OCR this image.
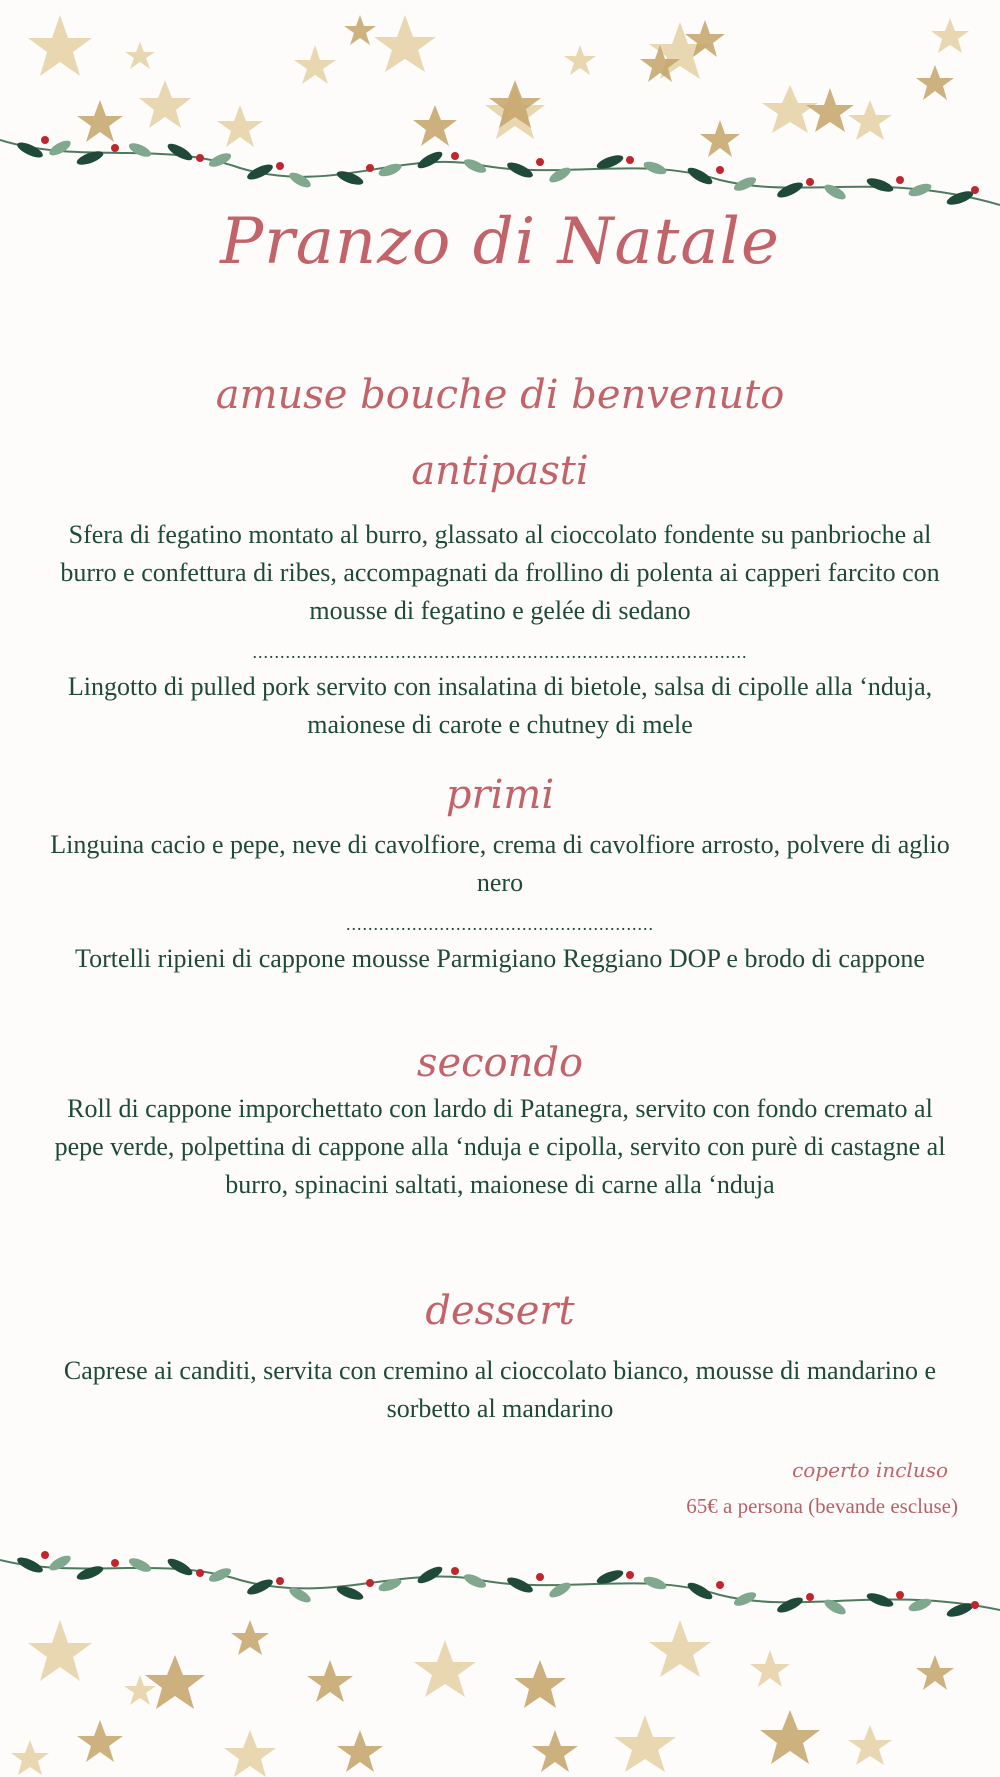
Pranzo di Natale
amuse bouche di benvenuto
antipasti
Sfera di fegatino montato al burro, glassato al cioccolato fondente su panbrioche al burro e confettura di ribes, accompagnati da frollino di polenta ai capperi farcito con mousse di fegatino e gelée di sedano
..........................................................................................
Lingotto di pulled pork servito con insalatina di bietole, salsa di cipolle alla ‘nduja, maionese di carote e chutney di mele
primi
Linguina cacio e pepe, neve di cavolfiore, crema di cavolfiore arrosto, polvere di aglio nero
........................................................
Tortelli ripieni di cappone mousse Parmigiano Reggiano DOP e brodo di cappone
secondo
Roll di cappone imporchettato con lardo di Patanegra, servito con fondo cremato al pepe verde, polpettina di cappone alla ‘nduja e cipolla, servito con purè di castagne al burro, spinacini saltati, maionese di carne alla ‘nduja
dessert
Caprese ai canditi, servita con cremino al cioccolato bianco, mousse di mandarino e sorbetto al mandarino
coperto incluso
65€ a persona (bevande escluse)
